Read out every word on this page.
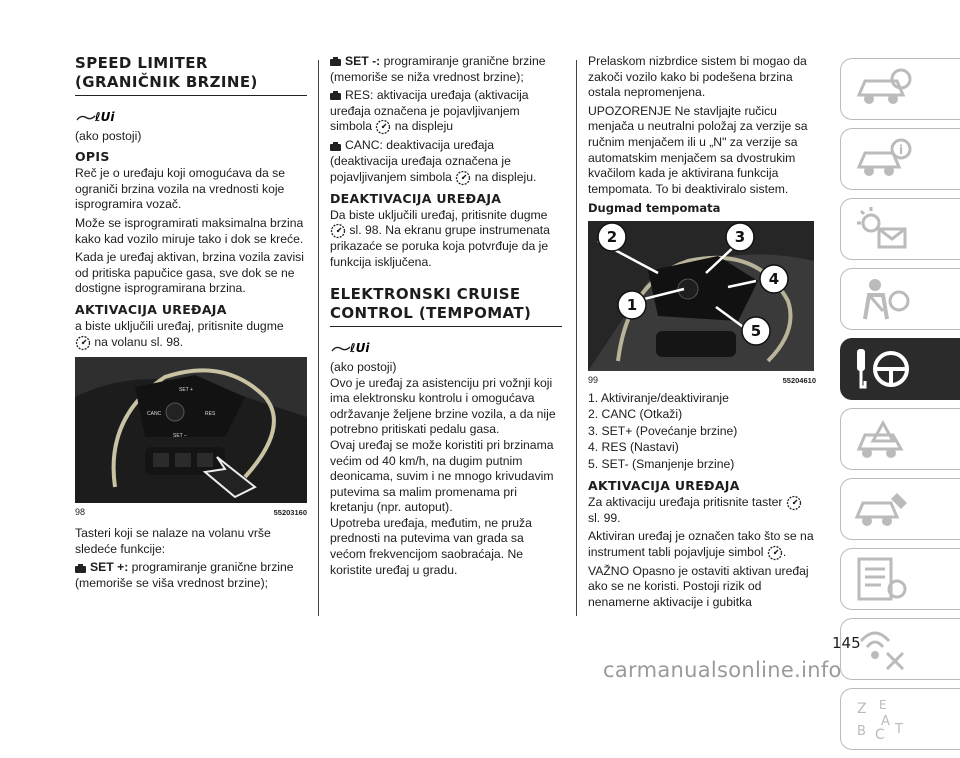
SPEED LIMITER
(GRANIČNIK BRZINE)
ℓUi

(ako postoji)

OPIS

Reč je o uređaju koji omogućava da se ograniči brzina vozila na vrednosti koje isprogramira vozač.

Može se isprogramirati maksimalna brzina kako kad vozilo miruje tako i dok se kreće.

Kada je uređaj aktivan, brzina vozila zavisi od pritiska papučice gasa, sve dok se ne dostigne isprogramirana brzina.

AKTIVACIJA UREĐAJA

a biste uključili uređaj, pritisnite dugme
na volanu sl. 98.

SET +
CANC	RES
SET –
98	55203160

Tasteri koji se nalaze na volanu vrše sledeće funkcije:

SET +: programiranje granične brzine (memoriše se viša vrednost brzine);

SET -: programiranje granične brzine (memoriše se niža vrednost brzine);

RES: aktivacija uređaja (aktivacija uređaja označena je pojavljivanjem simbola na displeju

CANC: deaktivacija uređaja (deaktivacija uređaja označena je pojavljivanjem simbola na displeju.

DEAKTIVACIJA UREĐAJA

Da biste uključili uređaj, pritisnite dugme
sl. 98. Na ekranu grupe instrumenata prikazaće se poruka koja potvrđuje da je funkcija isključena.

ELEKTRONSKI CRUISE
CONTROL (TEMPOMAT)
ℓUi

(ako postoji)

Ovo je uređaj za asistenciju pri vožnji koji ima elektronsku kontrolu i omogućava održavanje željene brzine vozila, a da nije potrebno pritiskati pedalu gasa.

Ovaj uređaj se može koristiti pri brzinama većim od 40 km/h, na dugim putnim deonicama, suvim i ne mnogo krivudavim putevima sa malim promenama pri kretanju (npr. autoput).

Upotreba uređaja, međutim, ne pruža prednosti na putevima van grada sa većom frekvencijom saobraćaja. Ne koristite uređaj u gradu.

Prelaskom nizbrdice sistem bi mogao da zakoči vozilo kako bi podešena brzina ostala nepromenjena.

UPOZORENJE Ne stavljajte ručicu menjača u neutralni položaj za verzije sa ručnim menjačem ili u „N" za verzije sa automatskim menjačem sa dvostrukim kvačilom kada je aktivirana funkcija tempomata. To bi deaktiviralo sistem.

Dugmad tempomata
2	3
4
1
5
99	55204610

1. Aktiviranje/deaktiviranje

2. CANC (Otkaži)

3. SET+ (Povećanje brzine)

4. RES (Nastavi)

5. SET- (Smanjenje brzine)

AKTIVACIJA UREĐAJA

Za aktivaciju uređaja pritisnite taster
sl. 99.

Aktiviran uređaj je označen tako što se na instrument tabli pojavljuje simbol .

VAŽNO Opasno je ostaviti aktivan uređaj ako se ne koristi. Postoji rizik od nenamerne aktivacije i gubitka

i
Z E
B C T
A
145
carmanualsonline.info
